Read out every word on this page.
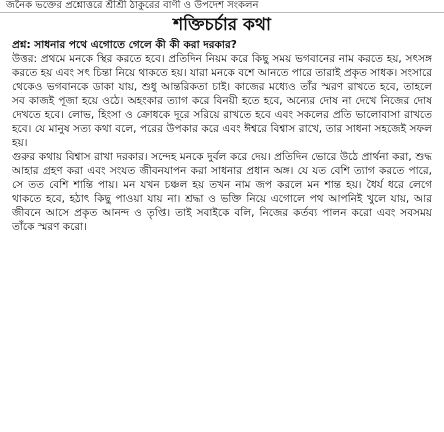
জনৈক ভক্তের প্রশ্নোত্তরে শ্রীশ্রী ঠাকুরের বাণী ও উপদেশ সংকলন
শক্তিচর্চার কথা
প্রশ্ন: সাধনার পথে এগোতে গেলে কী কী করা দরকার?
উত্তর: প্রথমে মনকে স্থির করতে হবে। প্রতিদিন নিয়ম করে কিছু সময় ভগবানের নাম করতে হয়, সৎসঙ্গ করতে হয় এবং সৎ চিন্তা নিয়ে থাকতে হয়। যারা মনকে বশে আনতে পারে তারাই প্রকৃত সাধক। সংসারে থেকেও ভগবানকে ডাকা যায়, শুধু আন্তরিকতা চাই। কাজের মধ্যেও তাঁর স্মরণ রাখতে হবে, তাহলে সব কাজই পূজা হয়ে ওঠে। অহংকার ত্যাগ করে বিনয়ী হতে হবে, অন্যের দোষ না দেখে নিজের দোষ দেখতে হবে। লোভ, হিংসা ও ক্রোধকে দূরে সরিয়ে রাখতে হবে এবং সকলের প্রতি ভালোবাসা রাখতে হবে। যে মানুষ সত্য কথা বলে, পরের উপকার করে এবং ঈশ্বরে বিশ্বাস রাখে, তার সাধনা সহজেই সফল হয়।
গুরুর কথায় বিশ্বাস রাখা দরকার। সন্দেহ মনকে দুর্বল করে দেয়। প্রতিদিন ভোরে উঠে প্রার্থনা করা, শুদ্ধ আহার গ্রহণ করা এবং সংযত জীবনযাপন করা সাধনার প্রধান অঙ্গ। যে যত বেশি ত্যাগ করতে পারে, সে তত বেশি শান্তি পায়। মন যখন চঞ্চল হয় তখন নাম জপ করলে মন শান্ত হয়। ধৈর্য ধরে লেগে থাকতে হবে, হঠাৎ কিছু পাওয়া যায় না। শ্রদ্ধা ও ভক্তি নিয়ে এগোলে পথ আপনিই খুলে যায়, আর জীবনে আসে প্রকৃত আনন্দ ও তৃপ্তি। তাই সবাইকে বলি, নিজের কর্তব্য পালন করো এবং সবসময় তাঁকে স্মরণ করো।
